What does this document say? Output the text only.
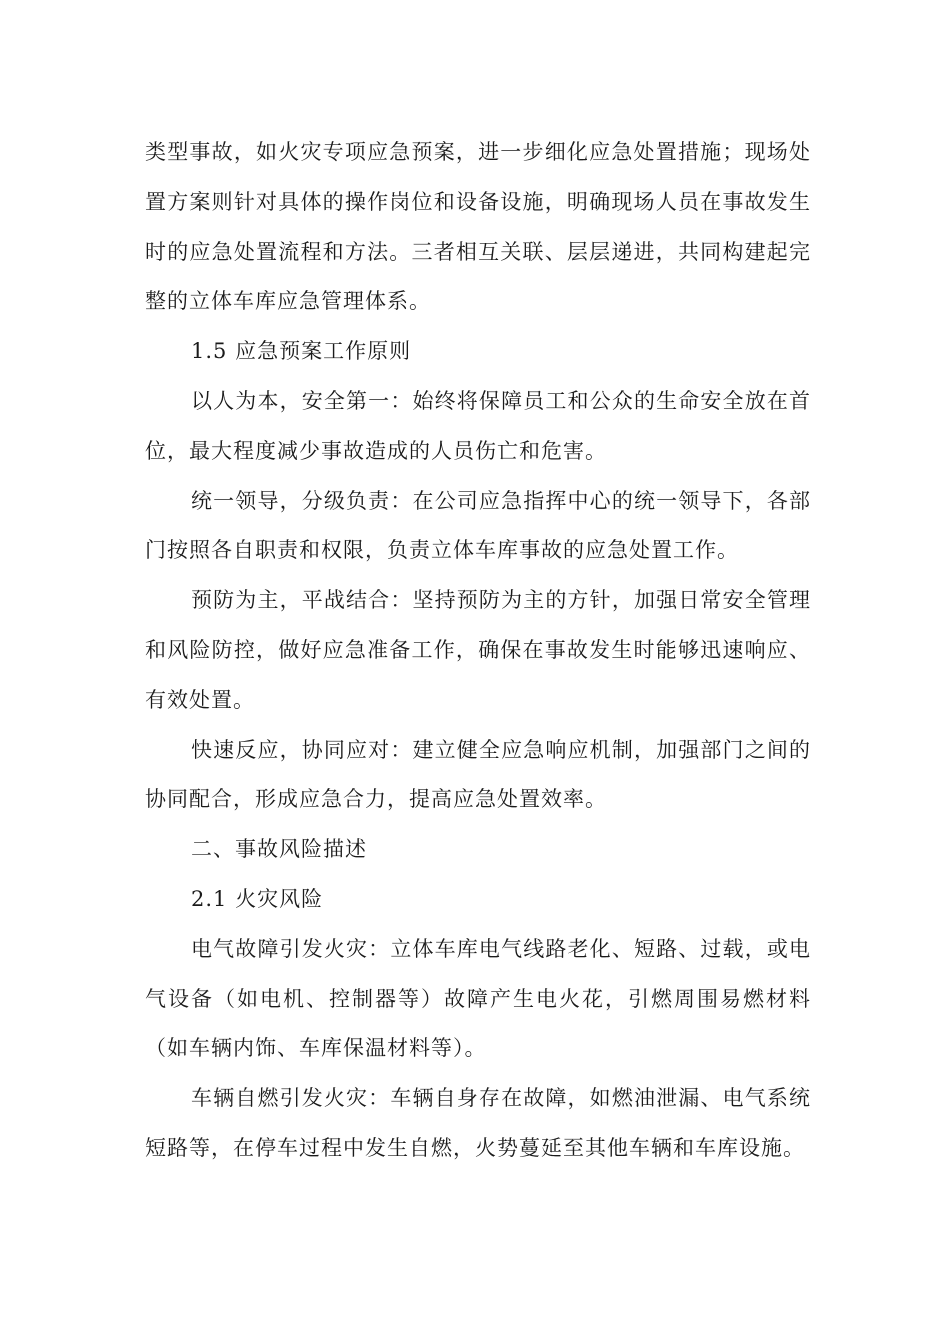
类型事故，如火灾专项应急预案，进一步细化应急处置措施；现场处置方案则针对具体的操作岗位和设备设施，明确现场人员在事故发生时的应急处置流程和方法。三者相互关联、层层递进，共同构建起完整的立体车库应急管理体系。

1.5 应急预案工作原则

以人为本，安全第一：始终将保障员工和公众的生命安全放在首位，最大程度减少事故造成的人员伤亡和危害。

统一领导，分级负责：在公司应急指挥中心的统一领导下，各部门按照各自职责和权限，负责立体车库事故的应急处置工作。

预防为主，平战结合：坚持预防为主的方针，加强日常安全管理和风险防控，做好应急准备工作，确保在事故发生时能够迅速响应、有效处置。

快速反应，协同应对：建立健全应急响应机制，加强部门之间的协同配合，形成应急合力，提高应急处置效率。

二、事故风险描述

2.1 火灾风险

电气故障引发火灾：立体车库电气线路老化、短路、过载，或电气设备（如电机、控制器等）故障产生电火花，引燃周围易燃材料（如车辆内饰、车库保温材料等）。

车辆自燃引发火灾：车辆自身存在故障，如燃油泄漏、电气系统短路等，在停车过程中发生自燃，火势蔓延至其他车辆和车库设施。
